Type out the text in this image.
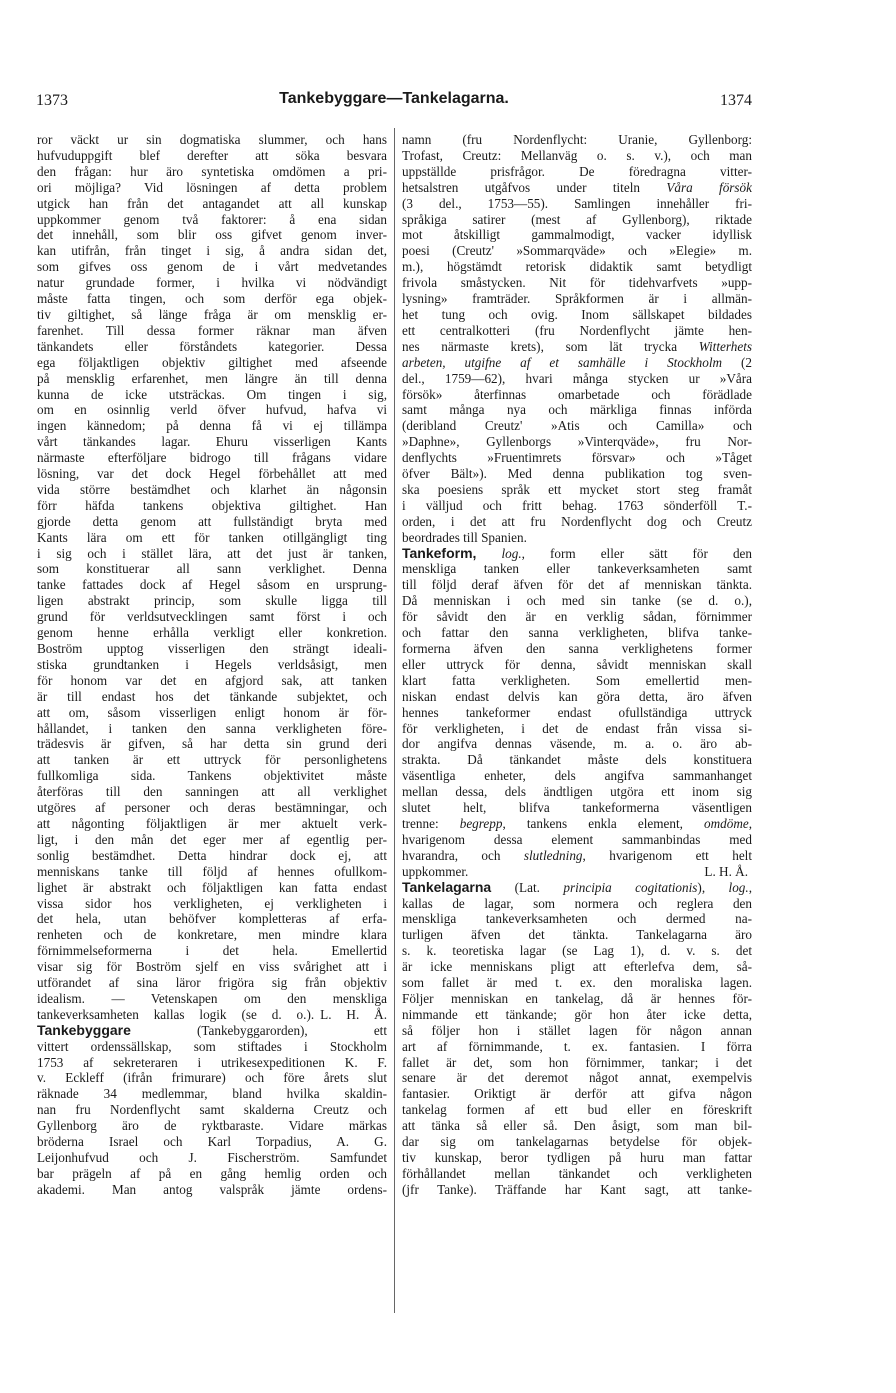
1373	Tankebyggare—Tankelagarna.	1374
ror väckt ur sin dogmatiska slummer, och hans
hufvuduppgift blef derefter att söka besvara
den frågan: hur äro syntetiska omdömen a pri-
ori möjliga? Vid lösningen af detta problem
utgick han från det antagandet att all kunskap
uppkommer genom två faktorer: å ena sidan
det innehåll, som blir oss gifvet genom inver-
kan utifrån, från tinget i sig, å andra sidan det,
som gifves oss genom de i vårt medvetandes
natur grundade former, i hvilka vi nödvändigt
måste fatta tingen, och som derför ega objek-
tiv giltighet, så länge fråga är om mensklig er-
farenhet. Till dessa former räknar man äfven
tänkandets eller förståndets kategorier. Dessa
ega följaktligen objektiv giltighet med afseende
på mensklig erfarenhet, men längre än till denna
kunna de icke utsträckas. Om tingen i sig,
om en osinnlig verld öfver hufvud, hafva vi
ingen kännedom; på denna få vi ej tillämpa
vårt tänkandes lagar. Ehuru visserligen Kants
närmaste efterföljare bidrogo till frågans vidare
lösning, var det dock Hegel förbehållet att med
vida större bestämdhet och klarhet än någonsin
förr häfda tankens objektiva giltighet. Han
gjorde detta genom att fullständigt bryta med
Kants lära om ett för tanken otillgängligt ting
i sig och i stället lära, att det just är tanken,
som konstituerar all sann verklighet. Denna
tanke fattades dock af Hegel såsom en ursprung-
ligen abstrakt princip, som skulle ligga till
grund för verldsutvecklingen samt först i och
genom henne erhålla verkligt eller konkretion.
Boström upptog visserligen den strängt ideali-
stiska grundtanken i Hegels verldsåsigt, men
för honom var det en afgjord sak, att tanken
är till endast hos det tänkande subjektet, och
att om, såsom visserligen enligt honom är för-
hållandet, i tanken den sanna verkligheten före-
trädesvis är gifven, så har detta sin grund deri
att tanken är ett uttryck för personlighetens
fullkomliga sida. Tankens objektivitet måste
återföras till den sanningen att all verklighet
utgöres af personer och deras bestämningar, och
att någonting följaktligen är mer aktuelt verk-
ligt, i den mån det eger mer af egentlig per-
sonlig bestämdhet. Detta hindrar dock ej, att
menniskans tanke till följd af hennes ofullkom-
lighet är abstrakt och följaktligen kan fatta endast
vissa sidor hos verkligheten, ej verkligheten i
det hela, utan behöfver kompletteras af erfa-
renheten och de konkretare, men mindre klara
förnimmelseformerna i det hela. Emellertid
visar sig för Boström sjelf en viss svårighet att i
utförandet af sina läror frigöra sig från objektiv
idealism. — Vetenskapen om den menskliga
tankeverksamheten kallas logik (se d. o.). L. H. Å.
Tankebyggare (Tankebyggarorden), ett
vittert ordenssällskap, som stiftades i Stockholm
1753 af sekreteraren i utrikesexpeditionen K. F.
v. Eckleff (ifrån frimurare) och före årets slut
räknade 34 medlemmar, bland hvilka skaldin-
nan fru Nordenflycht samt skalderna Creutz och
Gyllenborg äro de ryktbaraste. Vidare märkas
bröderna Israel och Karl Torpadius, A. G.
Leijonhufvud och J. Fischerström. Samfundet
bar prägeln af på en gång hemlig orden och
akademi. Man antog valspråk jämte ordens-
namn (fru Nordenflycht: Uranie, Gyllenborg:
Trofast, Creutz: Mellanväg o. s. v.), och man
uppställde prisfrågor. De föredragna vitter-
hetsalstren utgåfvos under titeln Våra försök
(3 del., 1753—55). Samlingen innehåller fri-
språkiga satirer (mest af Gyllenborg), riktade
mot åtskilligt gammalmodigt, vacker idyllisk
poesi (Creutz' »Sommarqväde» och »Elegie» m.
m.), högstämdt retorisk didaktik samt betydligt
frivola småstycken. Nit för tidehvarfvets »upp-
lysning» framträder. Språkformen är i allmän-
het tung och ovig. Inom sällskapet bildades
ett centralkotteri (fru Nordenflycht jämte hen-
nes närmaste krets), som lät trycka Witterhets
arbeten, utgifne af et samhälle i Stockholm (2
del., 1759—62), hvari många stycken ur »Våra
försök» återfinnas omarbetade och förädlade
samt många nya och märkliga finnas införda
(deribland Creutz' »Atis och Camilla» och
»Daphne», Gyllenborgs »Vinterqväde», fru Nor-
denflychts »Fruentimrets försvar» och »Tåget
öfver Bält»). Med denna publikation tog sven-
ska poesiens språk ett mycket stort steg framåt
i välljud och fritt behag. 1763 sönderföll T.-
orden, i det att fru Nordenflycht dog och Creutz
beordrades till Spanien.
Tankeform, log., form eller sätt för den
menskliga tanken eller tankeverksamheten samt
till följd deraf äfven för det af menniskan tänkta.
Då menniskan i och med sin tanke (se d. o.),
för såvidt den är en verklig sådan, förnimmer
och fattar den sanna verkligheten, blifva tanke-
formerna äfven den sanna verklighetens former
eller uttryck för denna, såvidt menniskan skall
klart fatta verkligheten. Som emellertid men-
niskan endast delvis kan göra detta, äro äfven
hennes tankeformer endast ofullständiga uttryck
för verkligheten, i det de endast från vissa si-
dor angifva dennas väsende, m. a. o. äro ab-
strakta. Då tänkandet måste dels konstituera
väsentliga enheter, dels angifva sammanhanget
mellan dessa, dels ändtligen utgöra ett inom sig
slutet helt, blifva tankeformerna väsentligen
trenne: begrepp, tankens enkla element, omdöme,
hvarigenom dessa element sammanbindas med
hvarandra, och slutledning, hvarigenom ett helt
uppkommer.	L. H. Å.
Tankelagarna (Lat. principia cogitationis), log.,
kallas de lagar, som normera och reglera den
menskliga tankeverksamheten och dermed na-
turligen äfven det tänkta. Tankelagarna äro
s. k. teoretiska lagar (se Lag 1), d. v. s. det
är icke menniskans pligt att efterlefva dem, så-
som fallet är med t. ex. den moraliska lagen.
Följer menniskan en tankelag, då är hennes för-
nimmande ett tänkande; gör hon åter icke detta,
så följer hon i stället lagen för någon annan
art af förnimmande, t. ex. fantasien. I förra
fallet är det, som hon förnimmer, tankar; i det
senare är det deremot något annat, exempelvis
fantasier. Oriktigt är derför att gifva någon
tankelag formen af ett bud eller en föreskrift
att tänka så eller så. Den åsigt, som man bil-
dar sig om tankelagarnas betydelse för objek-
tiv kunskap, beror tydligen på huru man fattar
förhållandet mellan tänkandet och verkligheten
(jfr Tanke). Träffande har Kant sagt, att tanke-
